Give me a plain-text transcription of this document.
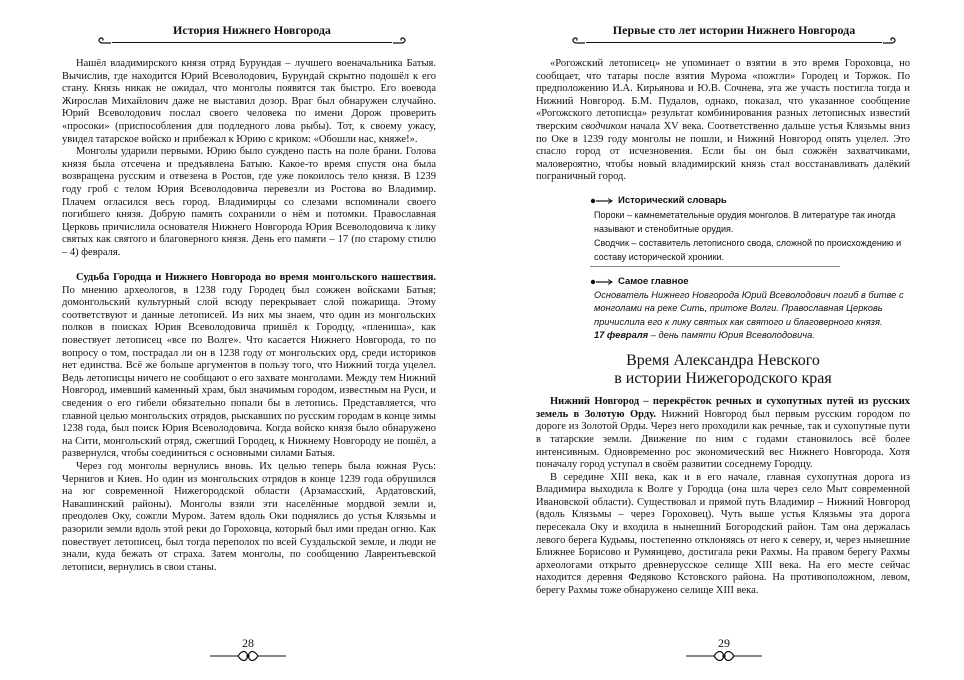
История Нижнего Новгорода

Нашёл владимирского князя отряд Бурундая – лучшего военачальника Батыя. Вычислив, где находится Юрий Всеволодович, Бурундай скрытно подошёл к его стану. Князь никак не ожидал, что монголы появятся так быстро. Его воевода Жирослав Михайлович даже не выставил дозор. Враг был обнаружен случайно. Юрий Всеволодович послал своего человека по имени Дорож проверить «просоки» (приспособления для подледного лова рыбы). Тот, к своему ужасу, увидел татарское войско и прибежал к Юрию с криком: «Обошли нас, княже!».

Монголы ударили первыми. Юрию было суждено пасть на поле брани. Голова князя была отсечена и предъявлена Батыю. Какое-то время спустя она была возвращена русским и отвезена в Ростов, где уже покоилось тело князя. В 1239 году гроб с телом Юрия Всеволодовича перевезли из Ростова во Владимир. Плачем огласился весь город. Владимирцы со слезами вспоминали своего погибшего князя. Добрую память сохранили о нём и потомки. Православная Церковь причислила основателя Нижнего Новгорода Юрия Всеволодовича к лику святых как святого и благоверного князя. День его памяти – 17 (по старому стилю – 4) февраля.

Судьба Городца и Нижнего Новгорода во время монгольского нашествия. По мнению археологов, в 1238 году Городец был сожжен войсками Батыя; домонгольский культурный слой всюду перекрывает слой пожарища. Этому соответствуют и данные летописей. Из них мы знаем, что один из монгольских полков в поисках Юрия Всеволодовича пришёл к Городцу, «плениша», как повествует летописец «все по Волге». Что касается Нижнего Новгорода, то по вопросу о том, пострадал ли он в 1238 году от монгольских орд, среди историков нет единства. Всё же больше аргументов в пользу того, что Нижний тогда уцелел. Ведь летописцы ничего не сообщают о его захвате монголами. Между тем Нижний Новгород, имевший каменный храм, был значимым городом, известным на Руси, и сведения о его гибели обязательно попали бы в летопись. Представляется, что главной целью монгольских отрядов, рыскавших по русским городам в конце зимы 1238 года, был поиск Юрия Всеволодовича. Когда войско князя было обнаружено на Сити, монгольский отряд, сжегший Городец, к Нижнему Новгороду не пошёл, а развернулся, чтобы соединиться с основными силами Батыя.

Через год монголы вернулись вновь. Их целью теперь была южная Русь: Чернигов и Киев. Но один из монгольских отрядов в конце 1239 года обрушился на юг современной Нижегородской области (Арзамасский, Ардатовский, Навашинский районы). Монголы взяли эти населённые мордвой земли и, преодолев Оку, сожгли Муром. Затем вдоль Оки поднялись до устья Клязьмы и разорили земли вдоль этой реки до Гороховца, который был ими предан огню. Как повествует летописец, был тогда переполох по всей Суздальской земле, и люди не знали, куда бежать от страха. Затем монголы, по сообщению Лаврентьевской летописи, вернулись в свои станы.

28
Первые сто лет истории Нижнего Новгорода
29

«Рогожский летописец» не упоминает о взятии в это время Гороховца, но сообщает, что татары после взятия Мурома «пожгли» Городец и Торжок. По предположению И.А. Кирьянова и Ю.В. Сочнева, эта же участь постигла тогда и Нижний Новгород. Б.М. Пудалов, однако, показал, что указанное сообщение «Рогожского летописца» результат комбинирования разных летописных известий тверским сводчиком начала XV века. Соответственно дальше устья Клязьмы вниз по Оке в 1239 году монголы не пошли, и Нижний Новгород опять уцелел. Это спасло город от исчезновения. Если бы он был сожжён захватчиками, маловероятно, чтобы новый владимирский князь стал восстанавливать далёкий пограничный город.

Исторический словарь
Пороки – камнеметательные орудия монголов. В литературе так иногда называют и стенобитные орудия.
Сводчик – составитель летописного свода, сложной по происхождению и составу исторической хроники.
Самое главное
Основатель Нижнего Новгорода Юрий Всеволодович погиб в битве с монголами на реке Сить, притоке Волги. Православная Церковь причислила его к лику святых как святого и благоверного князя.
17 февраля – день памяти Юрия Всеволодовича.
Время Александра Невского
в истории Нижегородского края

Нижний Новгород – перекрёсток речных и сухопутных путей из русских земель в Золотую Орду. Нижний Новгород был первым русским городом по дороге из Золотой Орды. Через него проходили как речные, так и сухопутные пути в татарские земли. Движение по ним с годами становилось всё более интенсивным. Одновременно рос экономический вес Нижнего Новгорода. Хотя поначалу город уступал в своём развитии соседнему Городцу.

В середине XIII века, как и в его начале, главная сухопутная дорога из Владимира выходила к Волге у Городца (она шла через село Мыт современной Ивановской области). Существовал и прямой путь Владимир – Нижний Новгород (вдоль Клязьмы – через Гороховец). Чуть выше устья Клязьмы эта дорога пересекала Оку и входила в нынешний Богородский район. Там она держалась левого берега Кудьмы, постепенно отклоняясь от него к северу, и, через нынешние Ближнее Борисово и Румянцево, достигала реки Рахмы. На правом берегу Рахмы археологами открыто древнерусское селище XIII века. На его месте сейчас находится деревня Федяково Кстовского района. На противоположном, левом, берегу Рахмы тоже обнаружено селище XIII века.
